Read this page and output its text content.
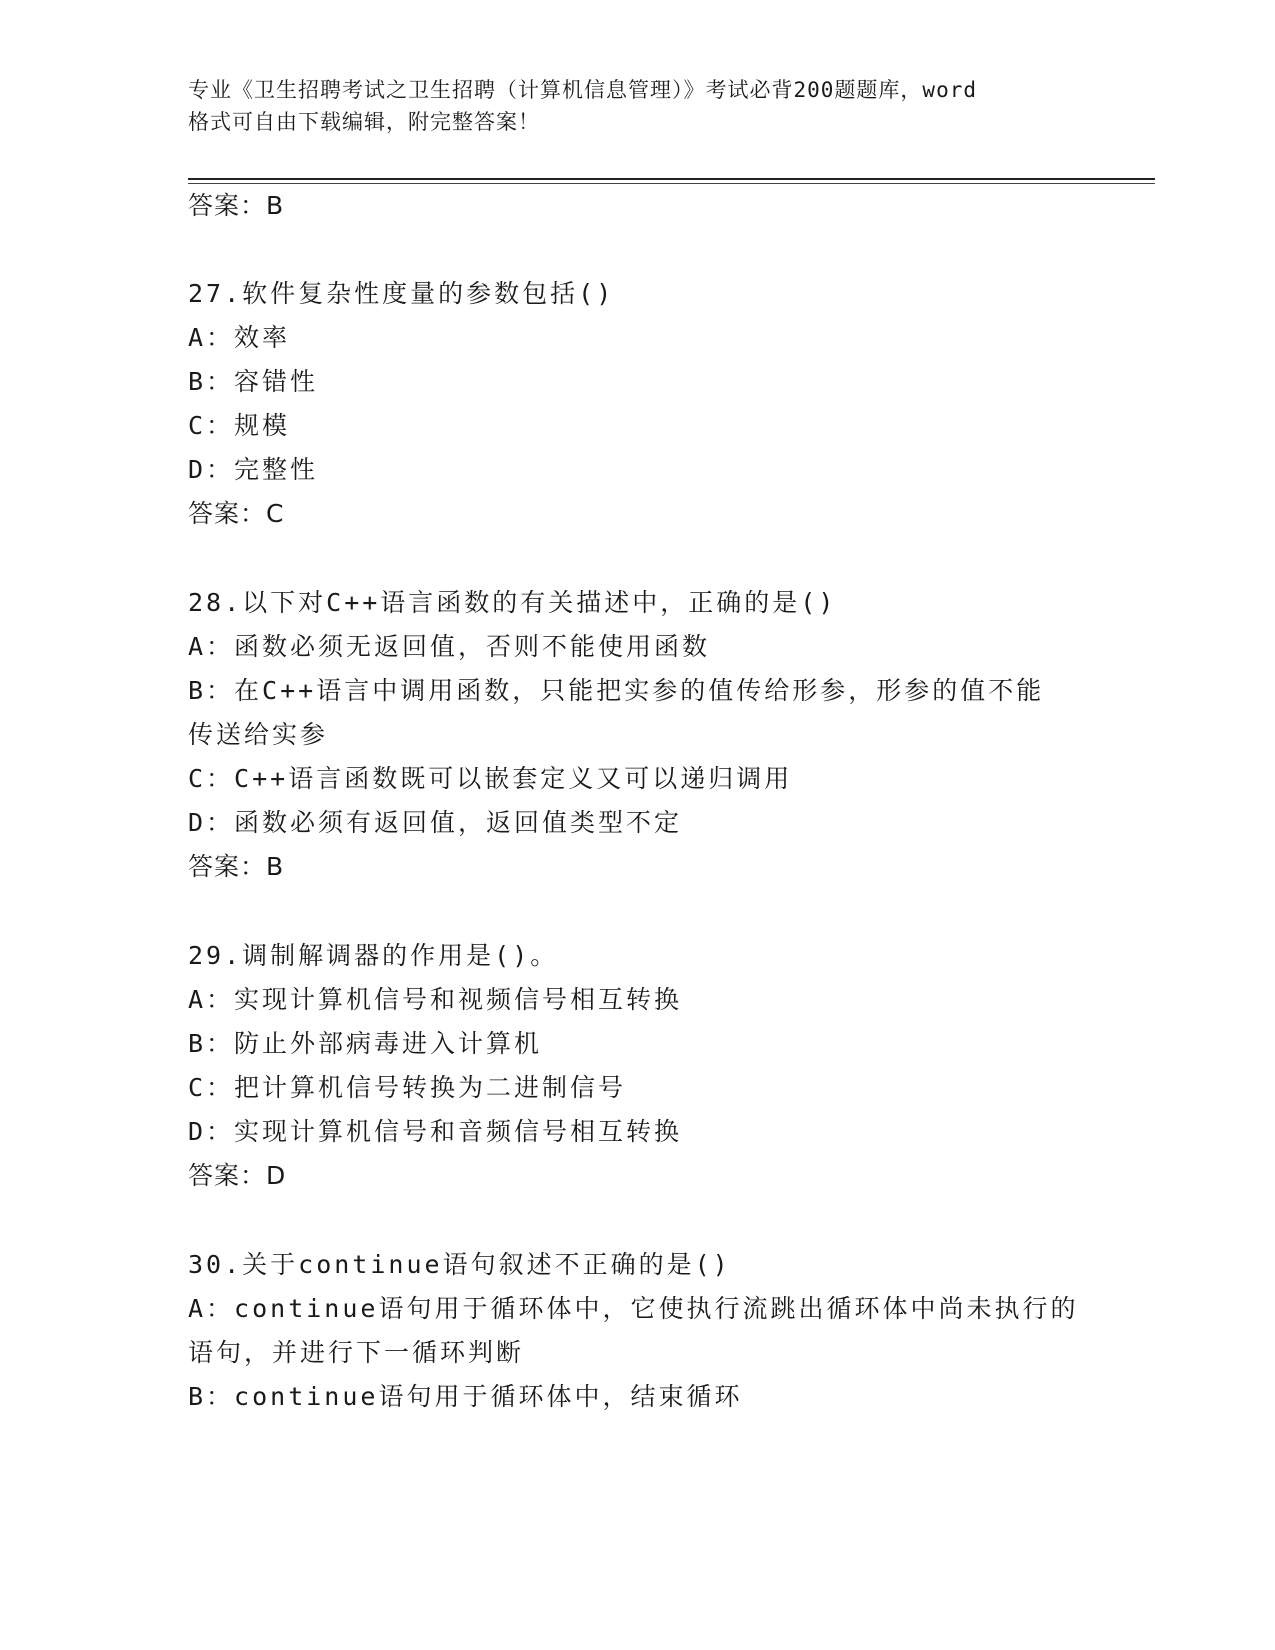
专业《卫生招聘考试之卫生招聘（计算机信息管理）》考试必背200题题库，word
格式可自由下载编辑，附完整答案！
答案：B
27.软件复杂性度量的参数包括()
A：效率
B：容错性
C：规模
D：完整性
答案：C
28.以下对C++语言函数的有关描述中，正确的是()
A：函数必须无返回值，否则不能使用函数
B：在C++语言中调用函数，只能把实参的值传给形参，形参的值不能
传送给实参
C：C++语言函数既可以嵌套定义又可以递归调用
D：函数必须有返回值，返回值类型不定
答案：B
29.调制解调器的作用是()。
A：实现计算机信号和视频信号相互转换
B：防止外部病毒进入计算机
C：把计算机信号转换为二进制信号
D：实现计算机信号和音频信号相互转换
答案：D
30.关于continue语句叙述不正确的是()
A：continue语句用于循环体中，它使执行流跳出循环体中尚未执行的
语句，并进行下一循环判断
B：continue语句用于循环体中，结束循环
